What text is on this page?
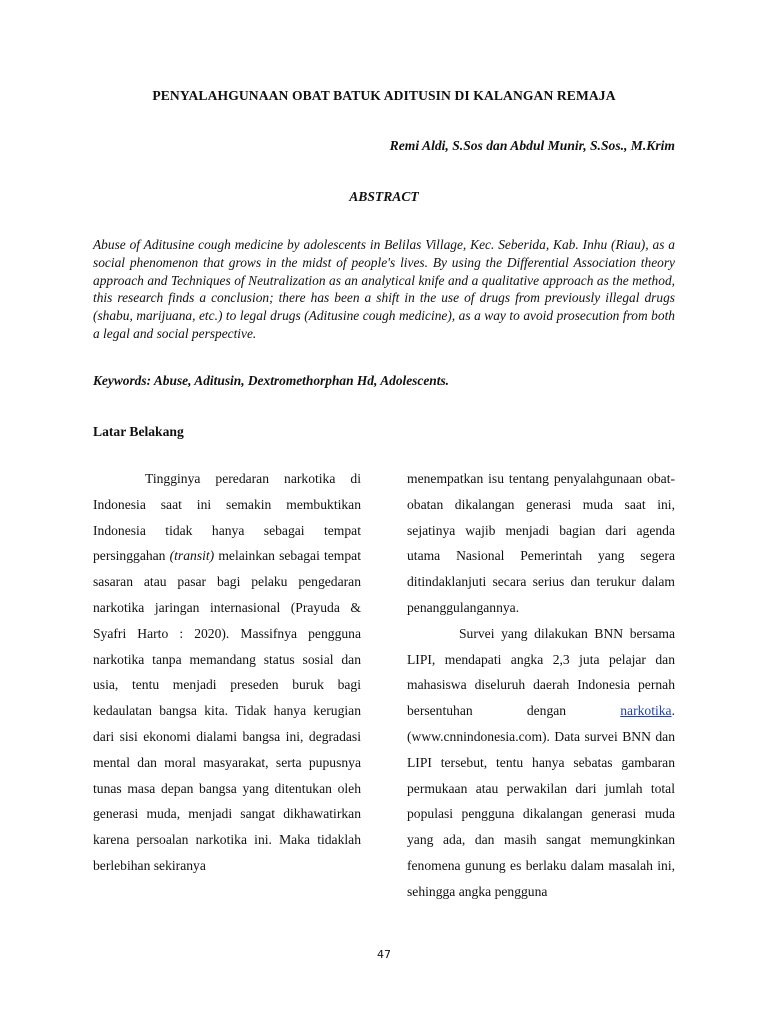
PENYALAHGUNAAN OBAT BATUK ADITUSIN DI KALANGAN REMAJA
Remi Aldi, S.Sos dan Abdul Munir, S.Sos., M.Krim
ABSTRACT

Abuse of Aditusine cough medicine by adolescents in Belilas Village, Kec. Seberida, Kab. Inhu (Riau), as a social phenomenon that grows in the midst of people's lives. By using the Differential Association theory approach and Techniques of Neutralization as an analytical knife and a qualitative approach as the method, this research finds a conclusion; there has been a shift in the use of drugs from previously illegal drugs (shabu, marijuana, etc.) to legal drugs (Aditusine cough medicine), as a way to avoid prosecution from both a legal and social perspective.

Keywords: Abuse, Aditusin, Dextromethorphan Hd, Adolescents.
Latar Belakang

Tingginya peredaran narkotika di Indonesia saat ini semakin membuktikan Indonesia tidak hanya sebagai tempat persinggahan (transit) melainkan sebagai tempat sasaran atau pasar bagi pelaku pengedaran narkotika jaringan internasional (Prayuda & Syafri Harto : 2020). Massifnya pengguna narkotika tanpa memandang status sosial dan usia, tentu menjadi preseden buruk bagi kedaulatan bangsa kita. Tidak hanya kerugian dari sisi ekonomi dialami bangsa ini, degradasi mental dan moral masyarakat, serta pupusnya tunas masa depan bangsa yang ditentukan oleh generasi muda, menjadi sangat dikhawatirkan karena persoalan narkotika ini. Maka tidaklah berlebihan sekiranya

menempatkan isu tentang penyalahgunaan obat-obatan dikalangan generasi muda saat ini, sejatinya wajib menjadi bagian dari agenda utama Nasional Pemerintah yang segera ditindaklanjuti secara serius dan terukur dalam penanggulangannya.

Survei yang dilakukan BNN bersama LIPI, mendapati angka 2,3 juta pelajar dan mahasiswa diseluruh daerah Indonesia pernah bersentuhan dengan narkotika. (www.cnnindonesia.com). Data survei BNN dan LIPI tersebut, tentu hanya sebatas gambaran permukaan atau perwakilan dari jumlah total populasi pengguna dikalangan generasi muda yang ada, dan masih sangat memungkinkan fenomena gunung es berlaku dalam masalah ini, sehingga angka pengguna

47
